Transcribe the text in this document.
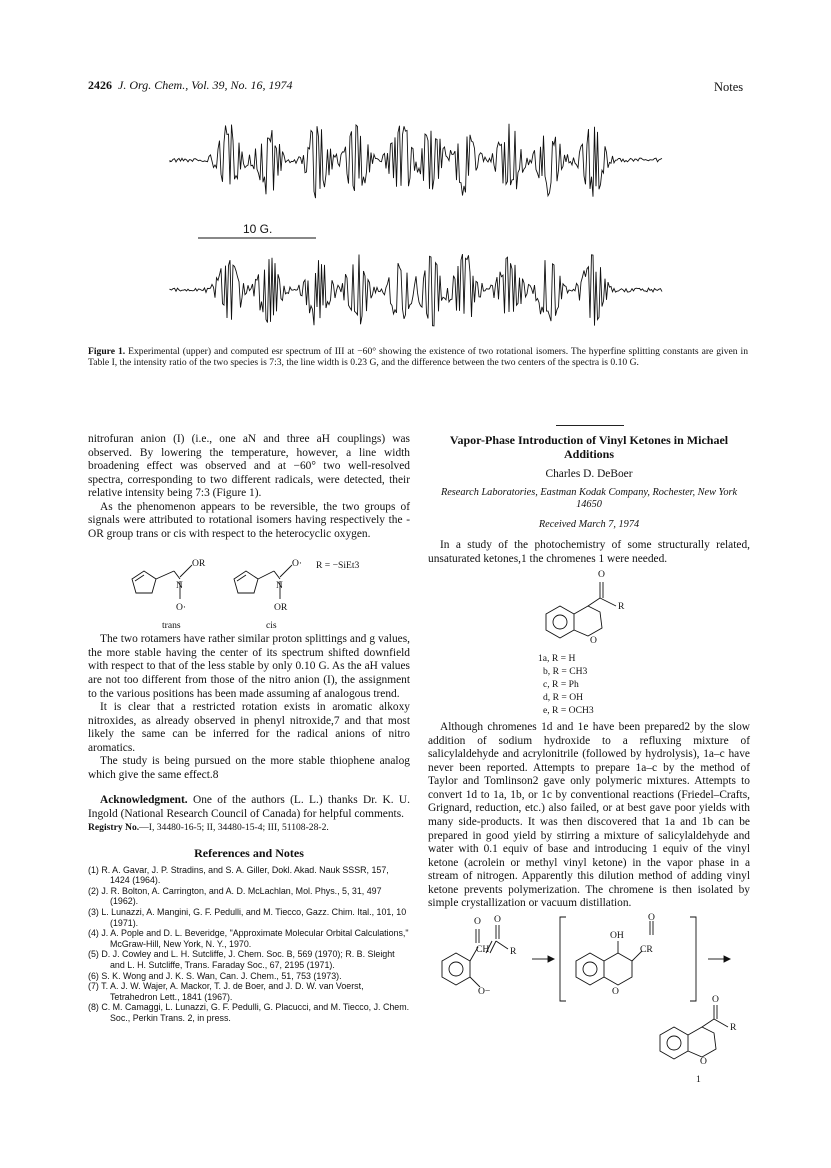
2426 J. Org. Chem., Vol. 39, No. 16, 1974	Notes
10 G.
Figure 1. Experimental (upper) and computed esr spectrum of III at −60° showing the existence of two rotational isomers. The hyperfine splitting constants are given in Table I, the intensity ratio of the two species is 7:3, the line width is 0.23 G, and the difference between the two centers of the spectra is 0.10 G.

nitrofuran anion (I) (i.e., one aN and three aH couplings) was observed. By lowering the temperature, however, a line width broadening effect was observed and at −60° two well-resolved spectra, corresponding to two different radicals, were detected, their relative intensity being 7:3 (Figure 1).

As the phenomenon appears to be reversible, the two groups of signals were attributed to rotational isomers having respectively the -OR group trans or cis with respect to the heterocyclic oxygen.

OR
N
O·
trans
O·
N
OR
cis
R = −SiEt3

The two rotamers have rather similar proton splittings and g values, the more stable having the center of its spectrum shifted downfield with respect to that of the less stable by only 0.10 G. As the aH values are not too different from those of the nitro anion (I), the assignment to the various positions has been made assuming af analogous trend.

It is clear that a restricted rotation exists in aromatic alkoxy nitroxides, as already observed in phenyl nitroxide,7 and that most likely the same can be inferred for the radical anions of nitro aromatics.

The study is being pursued on the more stable thiophene analog which give the same effect.8

Acknowledgment. One of the authors (L. L.) thanks Dr. K. U. Ingold (National Research Council of Canada) for helpful comments.

Registry No.—I, 34480-16-5; II, 34480-15-4; III, 51108-28-2.

References and Notes
(1) R. A. Gavar, J. P. Stradins, and S. A. Giller, Dokl. Akad. Nauk SSSR, 157, 1424 (1964).
(2) J. R. Bolton, A. Carrington, and A. D. McLachlan, Mol. Phys., 5, 31, 497 (1962).
(3) L. Lunazzi, A. Mangini, G. F. Pedulli, and M. Tiecco, Gazz. Chim. Ital., 101, 10 (1971).
(4) J. A. Pople and D. L. Beveridge, "Approximate Molecular Orbital Calculations," McGraw-Hill, New York, N. Y., 1970.
(5) D. J. Cowley and L. H. Sutcliffe, J. Chem. Soc. B, 569 (1970); R. B. Sleight and L. H. Sutcliffe, Trans. Faraday Soc., 67, 2195 (1971).
(6) S. K. Wong and J. K. S. Wan, Can. J. Chem., 51, 753 (1973).
(7) T. A. J. W. Wajer, A. Mackor, T. J. de Boer, and J. D. W. van Voerst, Tetrahedron Lett., 1841 (1967).
(8) C. M. Camaggi, L. Lunazzi, G. F. Pedulli, G. Placucci, and M. Tiecco, J. Chem. Soc., Perkin Trans. 2, in press.
Vapor-Phase Introduction of Vinyl Ketones in Michael Additions
Charles D. DeBoer
Research Laboratories, Eastman Kodak Company, Rochester, New York 14650
Received March 7, 1974

In a study of the photochemistry of some structurally related, unsaturated ketones,1 the chromenes 1 were needed.

O
R
O
1a, R = H
b, R = CH3
c, R = Ph
d, R = OH
e, R = OCH3

Although chromenes 1d and 1e have been prepared2 by the slow addition of sodium hydroxide to a refluxing mixture of salicylaldehyde and acrylonitrile (followed by hydrolysis), 1a–c have never been reported. Attempts to prepare 1a–c by the method of Taylor and Tomlinson2 gave only polymeric mixtures. Attempts to convert 1d to 1a, 1b, or 1c by conventional reactions (Friedel–Crafts, Grignard, reduction, etc.) also failed, or at best gave poor yields with many side-products. It was then discovered that 1a and 1b can be prepared in good yield by stirring a mixture of salicylaldehyde and water with 0.1 equiv of base and introducing 1 equiv of the vinyl ketone (acrolein or methyl vinyl ketone) in the vapor phase in a stream of nitrogen. Apparently this dilution method of adding vinyl ketone prevents polymerization. The chromene is then isolated by simple crystallization or vacuum distillation.

O
CH
O
R
O−
OH
O
CR
O
O
R
O
1
